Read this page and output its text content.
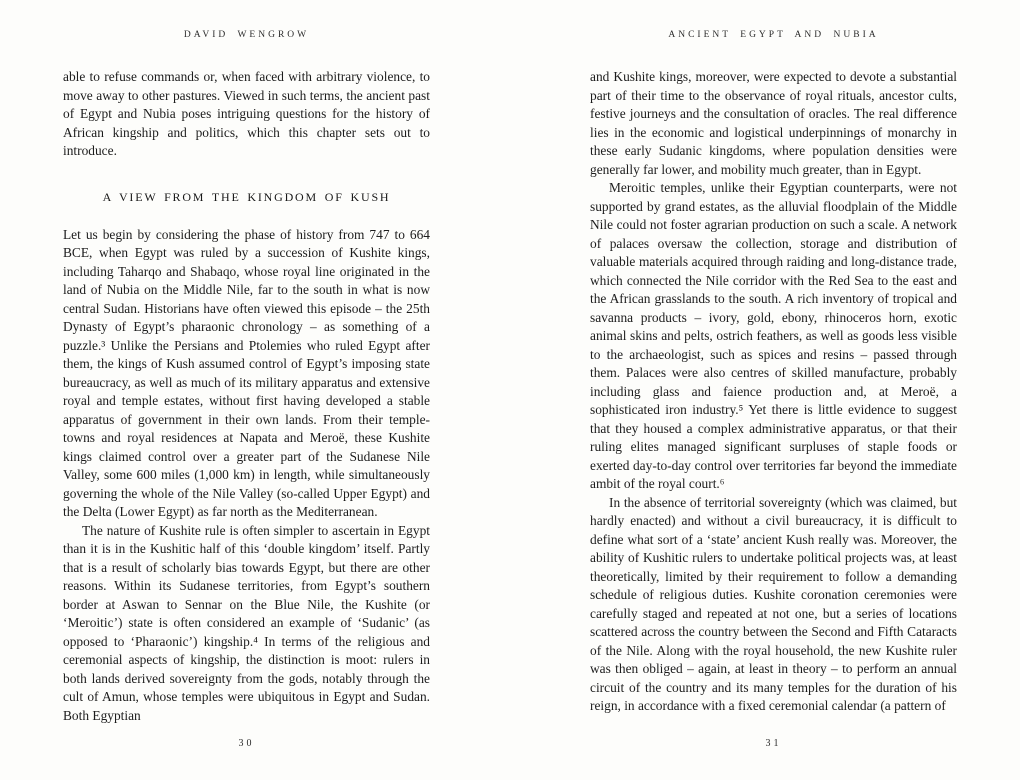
DAVID WENGROW

able to refuse commands or, when faced with arbitrary violence, to move away to other pastures. Viewed in such terms, the ancient past of Egypt and Nubia poses intriguing questions for the history of African kingship and politics, which this chapter sets out to introduce.

A VIEW FROM THE KINGDOM OF KUSH

Let us begin by considering the phase of history from 747 to 664 BCE, when Egypt was ruled by a succession of Kushite kings, including Taharqo and Shabaqo, whose royal line originated in the land of Nubia on the Middle Nile, far to the south in what is now central Sudan. Historians have often viewed this episode – the 25th Dynasty of Egypt’s pharaonic chronology – as something of a puzzle.³ Unlike the Persians and Ptolemies who ruled Egypt after them, the kings of Kush assumed control of Egypt’s imposing state bureaucracy, as well as much of its military apparatus and extensive royal and temple estates, without first having developed a stable apparatus of government in their own lands. From their temple-towns and royal residences at Napata and Meroë, these Kushite kings claimed control over a greater part of the Sudanese Nile Valley, some 600 miles (1,000 km) in length, while simultaneously governing the whole of the Nile Valley (so-called Upper Egypt) and the Delta (Lower Egypt) as far north as the Mediterranean.

The nature of Kushite rule is often simpler to ascertain in Egypt than it is in the Kushitic half of this ‘double kingdom’ itself. Partly that is a result of scholarly bias towards Egypt, but there are other reasons. Within its Sudanese territories, from Egypt’s southern border at Aswan to Sennar on the Blue Nile, the Kushite (or ‘Meroitic’) state is often considered an example of ‘Sudanic’ (as opposed to ‘Pharaonic’) kingship.⁴ In terms of the religious and ceremonial aspects of kingship, the distinction is moot: rulers in both lands derived sovereignty from the gods, notably through the cult of Amun, whose temples were ubiquitous in Egypt and Sudan. Both Egyptian

30
ANCIENT EGYPT AND NUBIA

and Kushite kings, moreover, were expected to devote a substantial part of their time to the observance of royal rituals, ancestor cults, festive journeys and the consultation of oracles. The real difference lies in the economic and logistical underpinnings of monarchy in these early Sudanic kingdoms, where population densities were generally far lower, and mobility much greater, than in Egypt.

Meroitic temples, unlike their Egyptian counterparts, were not supported by grand estates, as the alluvial floodplain of the Middle Nile could not foster agrarian production on such a scale. A network of palaces oversaw the collection, storage and distribution of valuable materials acquired through raiding and long-distance trade, which connected the Nile corridor with the Red Sea to the east and the African grasslands to the south. A rich inventory of tropical and savanna products – ivory, gold, ebony, rhinoceros horn, exotic animal skins and pelts, ostrich feathers, as well as goods less visible to the archaeologist, such as spices and resins – passed through them. Palaces were also centres of skilled manufacture, probably including glass and faience production and, at Meroë, a sophisticated iron industry.⁵ Yet there is little evidence to suggest that they housed a complex administrative apparatus, or that their ruling elites managed significant surpluses of staple foods or exerted day-to-day control over territories far beyond the immediate ambit of the royal court.⁶

In the absence of territorial sovereignty (which was claimed, but hardly enacted) and without a civil bureaucracy, it is difficult to define what sort of a ‘state’ ancient Kush really was. Moreover, the ability of Kushitic rulers to undertake political projects was, at least theoretically, limited by their requirement to follow a demanding schedule of religious duties. Kushite coronation ceremonies were carefully staged and repeated at not one, but a series of locations scattered across the country between the Second and Fifth Cataracts of the Nile. Along with the royal household, the new Kushite ruler was then obliged – again, at least in theory – to perform an annual circuit of the country and its many temples for the duration of his reign, in accordance with a fixed ceremonial calendar (a pattern of

31
